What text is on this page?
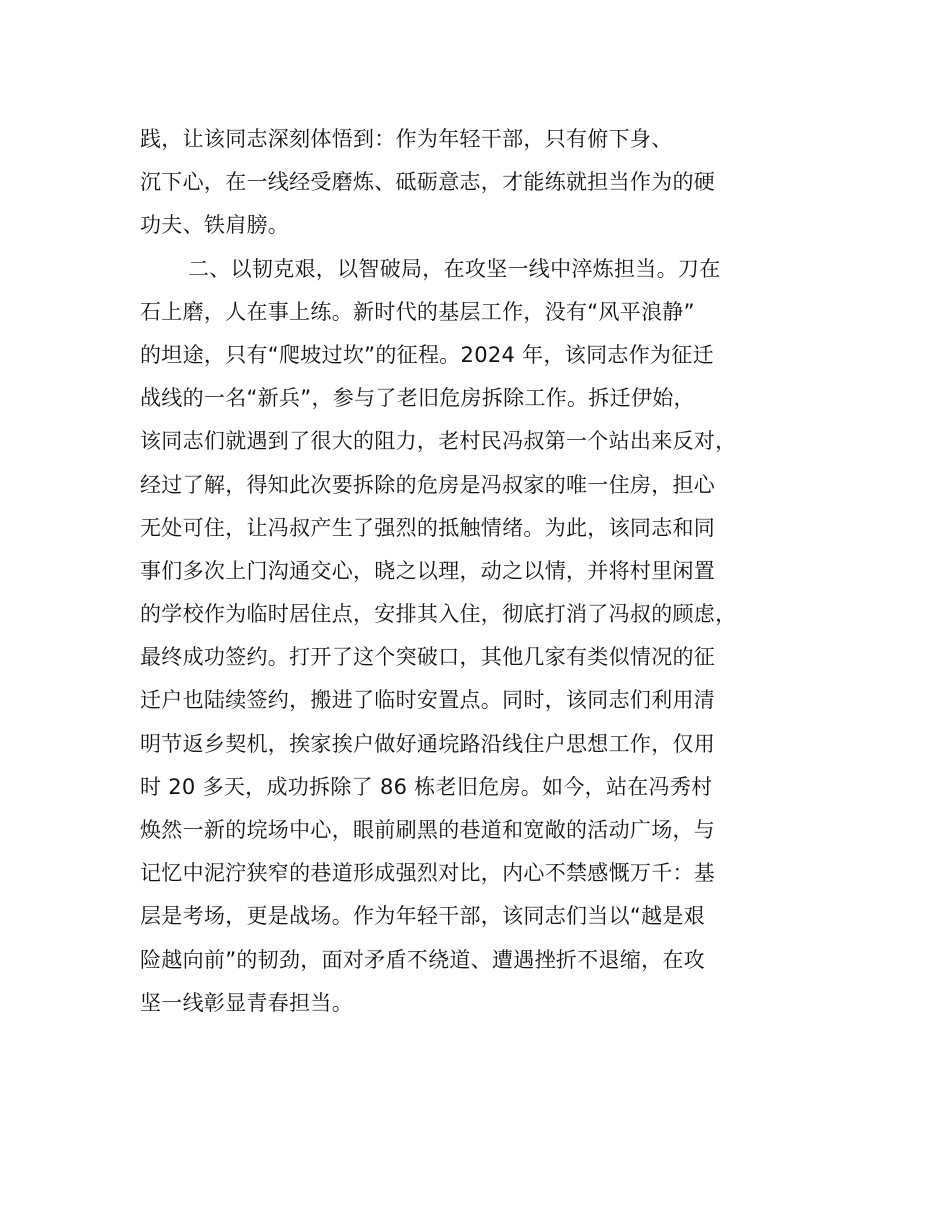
践，让该同志深刻体悟到：作为年轻干部，只有俯下身、
沉下心，在一线经受磨炼、砥砺意志，才能练就担当作为的硬
功夫、铁肩膀。
二、以韧克艰，以智破局，在攻坚一线中淬炼担当。刀在
石上磨，人在事上练。新时代的基层工作，没有“风平浪静”
的坦途，只有“爬坡过坎”的征程。2024 年，该同志作为征迁
战线的一名“新兵”，参与了老旧危房拆除工作。拆迁伊始，
该同志们就遇到了很大的阻力，老村民冯叔第一个站出来反对，
经过了解，得知此次要拆除的危房是冯叔家的唯一住房，担心
无处可住，让冯叔产生了强烈的抵触情绪。为此，该同志和同
事们多次上门沟通交心，晓之以理，动之以情，并将村里闲置
的学校作为临时居住点，安排其入住，彻底打消了冯叔的顾虑，
最终成功签约。打开了这个突破口，其他几家有类似情况的征
迁户也陆续签约，搬进了临时安置点。同时，该同志们利用清
明节返乡契机，挨家挨户做好通垸路沿线住户思想工作，仅用
时 20 多天，成功拆除了 86 栋老旧危房。如今，站在冯秀村
焕然一新的垸场中心，眼前刷黑的巷道和宽敞的活动广场，与
记忆中泥泞狭窄的巷道形成强烈对比，内心不禁感慨万千：基
层是考场，更是战场。作为年轻干部，该同志们当以“越是艰
险越向前”的韧劲，面对矛盾不绕道、遭遇挫折不退缩，在攻
坚一线彰显青春担当。
